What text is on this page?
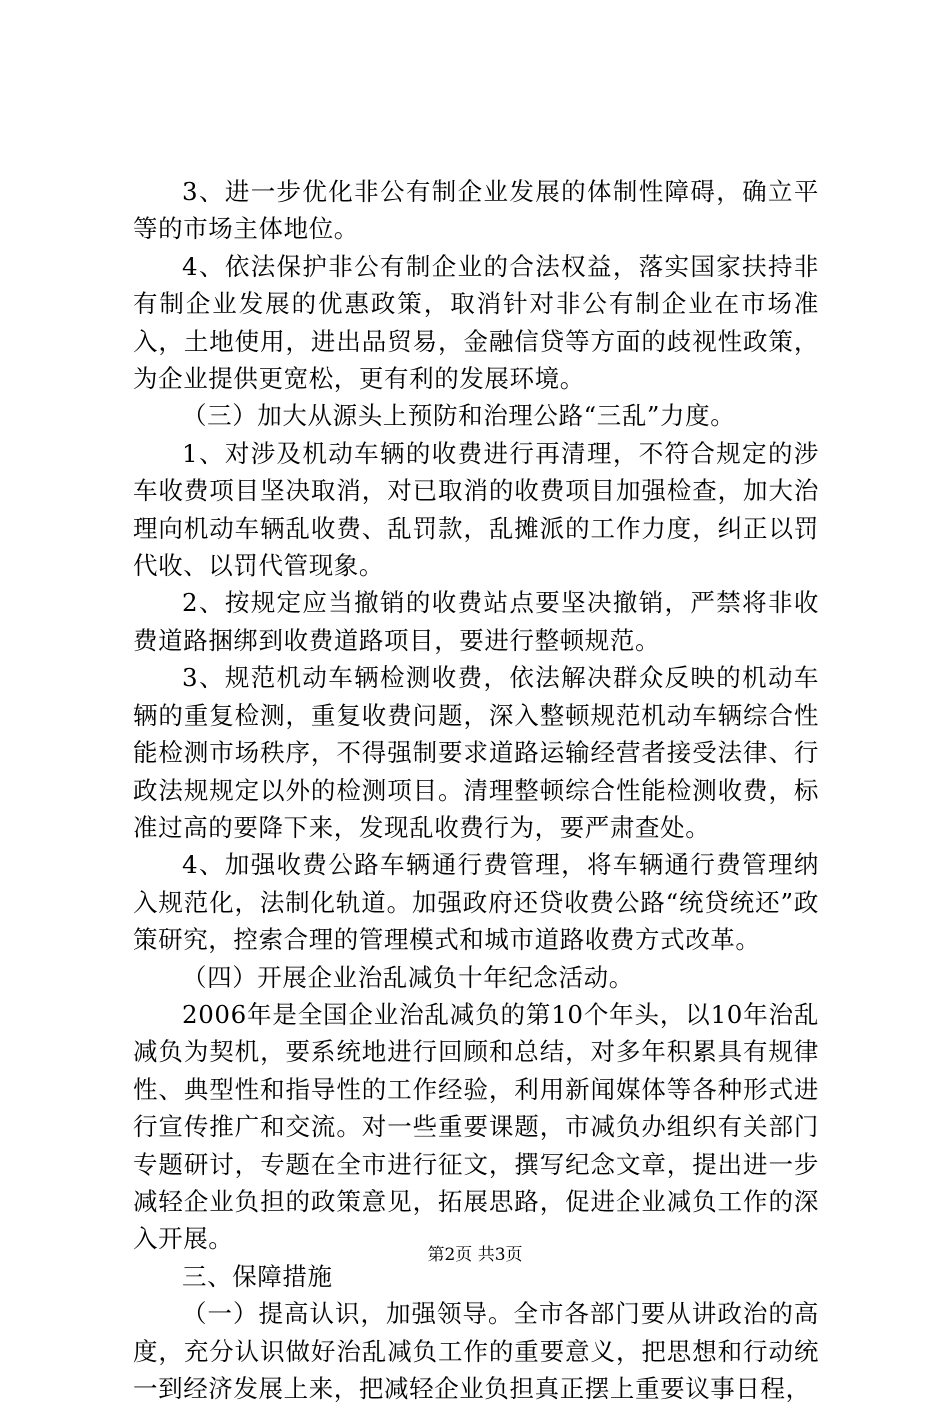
3、进一步优化非公有制企业发展的体制性障碍，确立平等的市场主体地位。

4、依法保护非公有制企业的合法权益，落实国家扶持非有制企业发展的优惠政策，取消针对非公有制企业在市场准入，土地使用，进出品贸易，金融信贷等方面的歧视性政策，为企业提供更宽松，更有利的发展环境。

（三）加大从源头上预防和治理公路“三乱”力度。

1、对涉及机动车辆的收费进行再清理，不符合规定的涉车收费项目坚决取消，对已取消的收费项目加强检查，加大治理向机动车辆乱收费、乱罚款，乱摊派的工作力度，纠正以罚代收、以罚代管现象。

2、按规定应当撤销的收费站点要坚决撤销，严禁将非收费道路捆绑到收费道路项目，要进行整顿规范。

3、规范机动车辆检测收费，依法解决群众反映的机动车辆的重复检测，重复收费问题，深入整顿规范机动车辆综合性能检测市场秩序，不得强制要求道路运输经营者接受法律、行政法规规定以外的检测项目。清理整顿综合性能检测收费，标准过高的要降下来，发现乱收费行为，要严肃查处。

4、加强收费公路车辆通行费管理，将车辆通行费管理纳入规范化，法制化轨道。加强政府还贷收费公路“统贷统还”政策研究，控索合理的管理模式和城市道路收费方式改革。

（四）开展企业治乱减负十年纪念活动。

2006年是全国企业治乱减负的第10个年头，以10年治乱减负为契机，要系统地进行回顾和总结，对多年积累具有规律性、典型性和指导性的工作经验，利用新闻媒体等各种形式进行宣传推广和交流。对一些重要课题，市减负办组织有关部门专题研讨，专题在全市进行征文，撰写纪念文章，提出进一步减轻企业负担的政策意见，拓展思路，促进企业减负工作的深入开展。

三、保障措施

（一）提高认识，加强领导。全市各部门要从讲政治的高度，充分认识做好治乱减负工作的重要意义，把思想和行动统一到经济发展上来，把减轻企业负担真正摆上重要议事日程，

第2页 共3页
